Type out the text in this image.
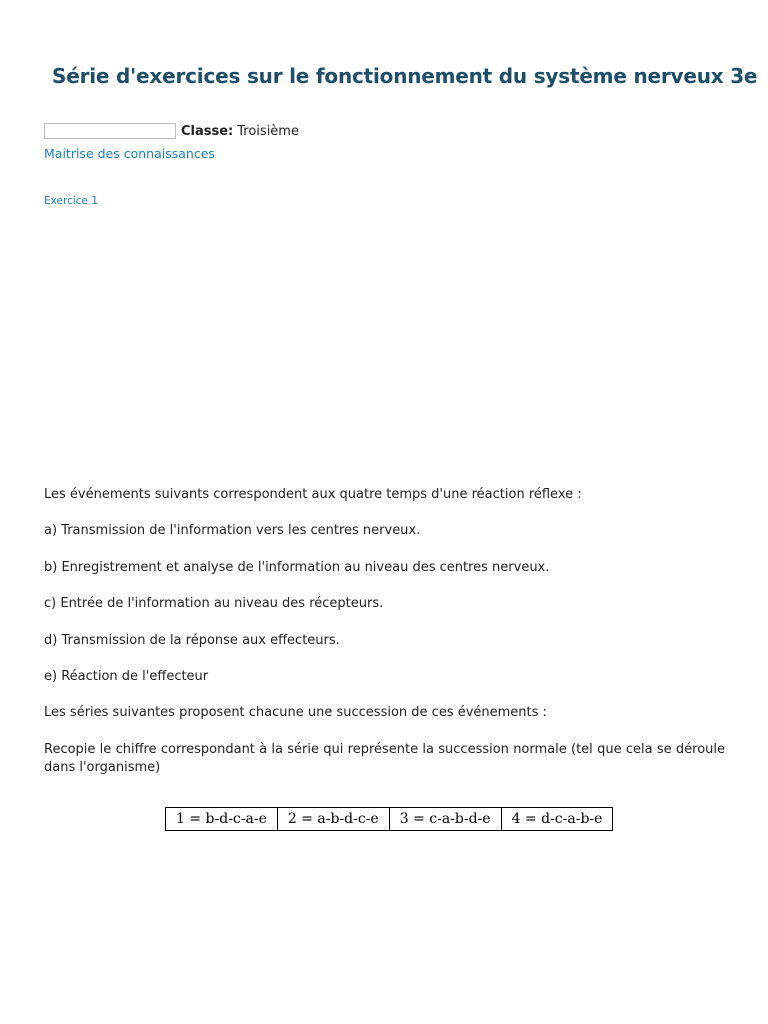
Série d'exercices sur le fonctionnement du système nerveux 3e
Classe: Troisième
Maitrise des connaissances
Exercice 1

Les événements suivants correspondent aux quatre temps d'une réaction réflexe :

a) Transmission de l'information vers les centres nerveux.

b) Enregistrement et analyse de l'information au niveau des centres nerveux.

c) Entrée de l'information au niveau des récepteurs.

d) Transmission de la réponse aux effecteurs.

e) Réaction de l'effecteur

Les séries suivantes proposent chacune une succession de ces événements :

Recopie le chiffre correspondant à la série qui représente la succession normale (tel que cela se déroule dans l'organisme)

1 = b-d-c-a-e	2 = a-b-d-c-e	3 = c-a-b-d-e	4 = d-c-a-b-e
